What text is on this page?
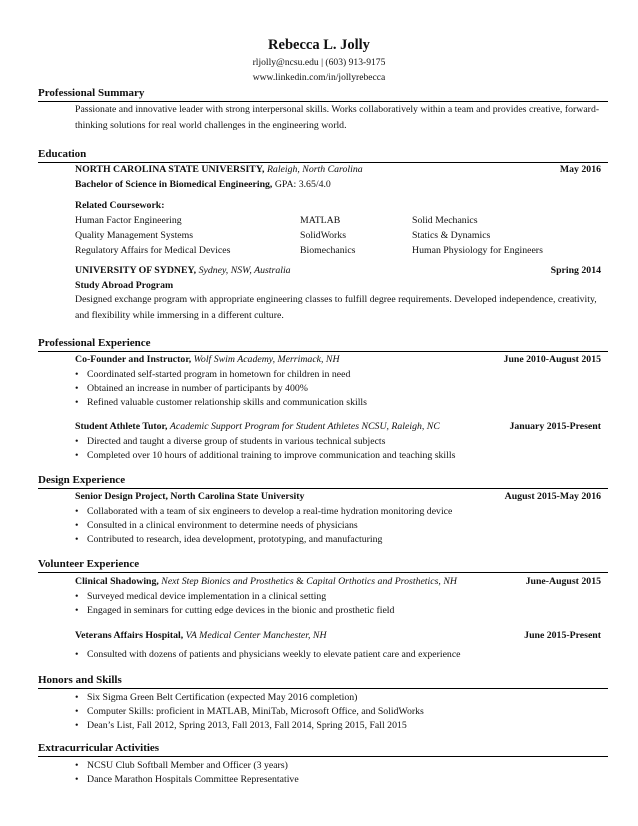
Rebecca L. Jolly
rljolly@ncsu.edu | (603) 913-9175
www.linkedin.com/in/jollyrebecca
Professional Summary
Passionate and innovative leader with strong interpersonal skills. Works collaboratively within a team and provides creative, forward-thinking solutions for real world challenges in the engineering world.
Education
NORTH CAROLINA STATE UNIVERSITY, Raleigh, North Carolina	May 2016
Bachelor of Science in Biomedical Engineering, GPA: 3.65/4.0
Related Coursework:
Human Factor Engineering	MATLAB	Solid Mechanics
Quality Management Systems	SolidWorks	Statics & Dynamics
Regulatory Affairs for Medical Devices	Biomechanics	Human Physiology for Engineers
UNIVERSITY OF SYDNEY, Sydney, NSW, Australia	Spring 2014
Study Abroad Program
Designed exchange program with appropriate engineering classes to fulfill degree requirements. Developed independence, creativity, and flexibility while immersing in a different culture.
Professional Experience
Co-Founder and Instructor, Wolf Swim Academy, Merrimack, NH	June 2010-August 2015
• Coordinated self-started program in hometown for children in need
• Obtained an increase in number of participants by 400%
• Refined valuable customer relationship skills and communication skills
Student Athlete Tutor, Academic Support Program for Student Athletes NCSU, Raleigh, NC	January 2015-Present
• Directed and taught a diverse group of students in various technical subjects
• Completed over 10 hours of additional training to improve communication and teaching skills
Design Experience
Senior Design Project, North Carolina State University	August 2015-May 2016
• Collaborated with a team of six engineers to develop a real-time hydration monitoring device
• Consulted in a clinical environment to determine needs of physicians
• Contributed to research, idea development, prototyping, and manufacturing
Volunteer Experience
Clinical Shadowing, Next Step Bionics and Prosthetics & Capital Orthotics and Prosthetics, NH	June-August 2015
• Surveyed medical device implementation in a clinical setting
• Engaged in seminars for cutting edge devices in the bionic and prosthetic field
Veterans Affairs Hospital, VA Medical Center Manchester, NH	June 2015-Present
• Consulted with dozens of patients and physicians weekly to elevate patient care and experience
Honors and Skills
• Six Sigma Green Belt Certification (expected May 2016 completion)
• Computer Skills: proficient in MATLAB, MiniTab, Microsoft Office, and SolidWorks
• Dean’s List, Fall 2012, Spring 2013, Fall 2013, Fall 2014, Spring 2015, Fall 2015
Extracurricular Activities
• NCSU Club Softball Member and Officer (3 years)
• Dance Marathon Hospitals Committee Representative
